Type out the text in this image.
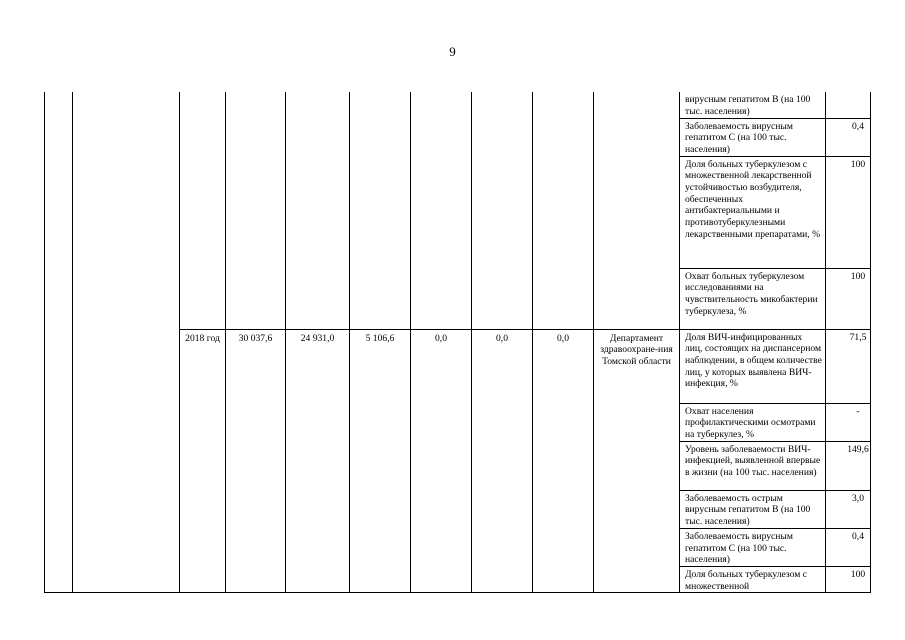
9
										вирусным гепатитом В (на 100 тыс. населения)	
										Заболеваемость вирусным гепатитом С (на 100 тыс. населения)	0,4
										Доля больных туберкулезом с множественной лекарственной устойчивостью возбудителя, обеспеченных антибактериальными и противотуберкулезными лекарственными препаратами, %	100
										Охват больных туберкулезом исследованиями на чувствительность микобактерии туберкулеза, %	100
		2018 год	30 037,6	24 931,0	5 106,6	0,0	0,0	0,0	Департамент здравоохране-ния Томской области	Доля ВИЧ-инфицированных лиц, состоящих на диспансерном наблюдении, в общем количестве лиц, у которых выявлена ВИЧ-инфекция, %	71,5
										Охват населения профилактическими осмотрами на туберкулез, %	-
										Уровень заболеваемости ВИЧ-инфекцией, выявленной впервые в жизни (на 100 тыс. населения)	149,6
										Заболеваемость острым вирусным гепатитом В (на 100 тыс. населения)	3,0
										Заболеваемость вирусным гепатитом С (на 100 тыс. населения)	0,4
										Доля больных туберкулезом с множественной	100
